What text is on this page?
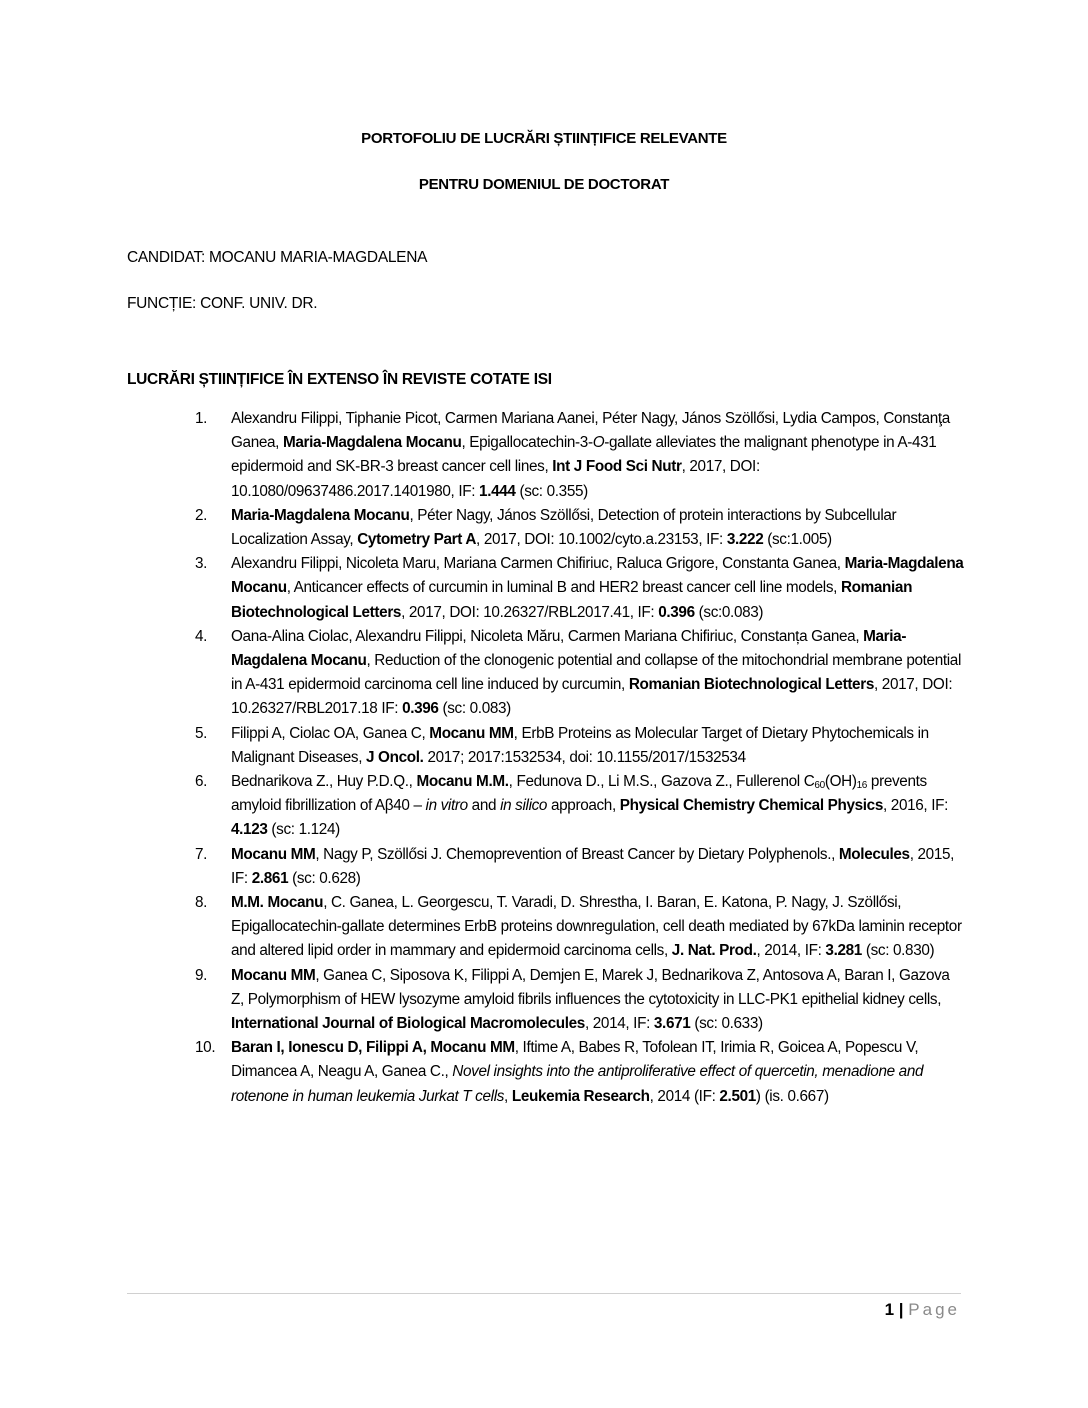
PORTOFOLIU DE LUCRĂRI ȘTIINȚIFICE RELEVANTE
PENTRU DOMENIUL DE DOCTORAT
CANDIDAT: MOCANU MARIA-MAGDALENA
FUNCȚIE: CONF. UNIV. DR.
LUCRĂRI ȘTIINȚIFICE ÎN EXTENSO ÎN REVISTE COTATE ISI
1. Alexandru Filippi, Tiphanie Picot, Carmen Mariana Aanei, Péter Nagy, János Szöllősi, Lydia Campos, Constanţa Ganea, Maria-Magdalena Mocanu, Epigallocatechin-3-O-gallate alleviates the malignant phenotype in A-431 epidermoid and SK-BR-3 breast cancer cell lines, Int J Food Sci Nutr, 2017, DOI: 10.1080/09637486.2017.1401980, IF: 1.444 (sc: 0.355)
2. Maria-Magdalena Mocanu, Péter Nagy, János Szöllősi, Detection of protein interactions by Subcellular Localization Assay, Cytometry Part A, 2017, DOI: 10.1002/cyto.a.23153, IF: 3.222 (sc:1.005)
3. Alexandru Filippi, Nicoleta Maru, Mariana Carmen Chifiriuc, Raluca Grigore, Constanta Ganea, Maria-Magdalena Mocanu, Anticancer effects of curcumin in luminal B and HER2 breast cancer cell line models, Romanian Biotechnological Letters, 2017, DOI: 10.26327/RBL2017.41, IF: 0.396 (sc:0.083)
4. Oana-Alina Ciolac, Alexandru Filippi, Nicoleta Măru, Carmen Mariana Chifiriuc, Constanța Ganea, Maria-Magdalena Mocanu, Reduction of the clonogenic potential and collapse of the mitochondrial membrane potential in A-431 epidermoid carcinoma cell line induced by curcumin, Romanian Biotechnological Letters, 2017, DOI: 10.26327/RBL2017.18 IF: 0.396 (sc: 0.083)
5. Filippi A, Ciolac OA, Ganea C, Mocanu MM, ErbB Proteins as Molecular Target of Dietary Phytochemicals in Malignant Diseases, J Oncol. 2017; 2017:1532534, doi: 10.1155/2017/1532534
6. Bednarikova Z., Huy P.D.Q., Mocanu M.M., Fedunova D., Li M.S., Gazova Z., Fullerenol $C_{60}(OH)_{16}$ prevents amyloid fibrillization of Aβ40 – in vitro and in silico approach, Physical Chemistry Chemical Physics, 2016, IF: 4.123 (sc: 1.124)
7. Mocanu MM, Nagy P, Szöllősi J. Chemoprevention of Breast Cancer by Dietary Polyphenols., Molecules, 2015, IF: 2.861 (sc: 0.628)
8. M.M. Mocanu, C. Ganea, L. Georgescu, T. Varadi, D. Shrestha, I. Baran, E. Katona, P. Nagy, J. Szöllősi, Epigallocatechin-gallate determines ErbB proteins downregulation, cell death mediated by 67kDa laminin receptor and altered lipid order in mammary and epidermoid carcinoma cells, J. Nat. Prod., 2014, IF: 3.281 (sc: 0.830)
9. Mocanu MM, Ganea C, Siposova K, Filippi A, Demjen E, Marek J, Bednarikova Z, Antosova A, Baran I, Gazova Z, Polymorphism of HEW lysozyme amyloid fibrils influences the cytotoxicity in LLC-PK1 epithelial kidney cells, International Journal of Biological Macromolecules, 2014, IF: 3.671 (sc: 0.633)
10. Baran I, Ionescu D, Filippi A, Mocanu MM, Iftime A, Babes R, Tofolean IT, Irimia R, Goicea A, Popescu V, Dimancea A, Neagu A, Ganea C., Novel insights into the antiproliferative effect of quercetin, menadione and rotenone in human leukemia Jurkat T cells, Leukemia Research, 2014 (IF: 2.501) (is. 0.667)
1 | Page
